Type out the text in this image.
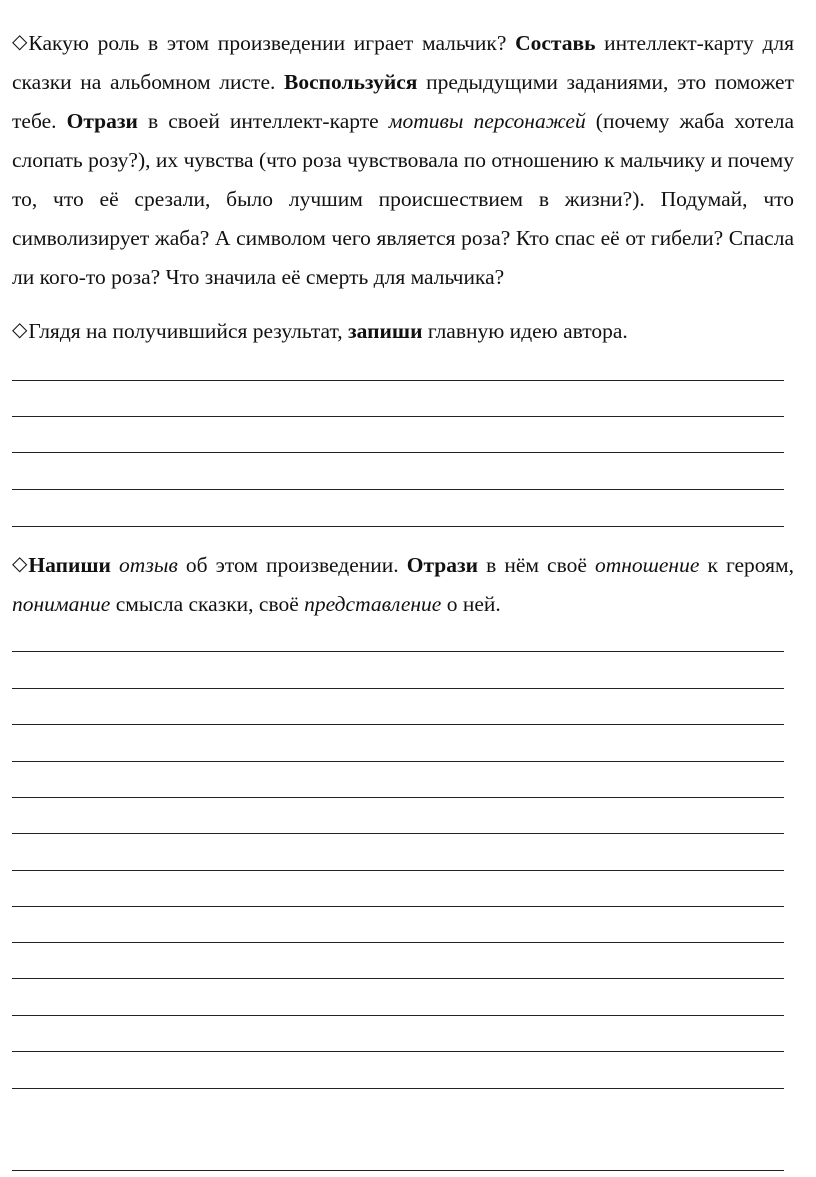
◇Какую роль в этом произведении играет мальчик? Составь интеллект-карту для сказки на альбомном листе. Воспользуйся предыдущими заданиями, это поможет тебе. Отрази в своей интеллект-карте мотивы персонажей (почему жаба хотела слопать розу?), их чувства (что роза чувствовала по отношению к мальчику и почему то, что её срезали, было лучшим происшествием в жизни?). Подумай, что символизирует жаба? А символом чего является роза? Кто спас её от гибели? Спасла ли кого-то роза? Что значила её смерть для мальчика?
◇Глядя на получившийся результат, запиши главную идею автора.
◇Напиши отзыв об этом произведении. Отрази в нём своё отношение к героям, понимание смысла сказки, своё представление о ней.
